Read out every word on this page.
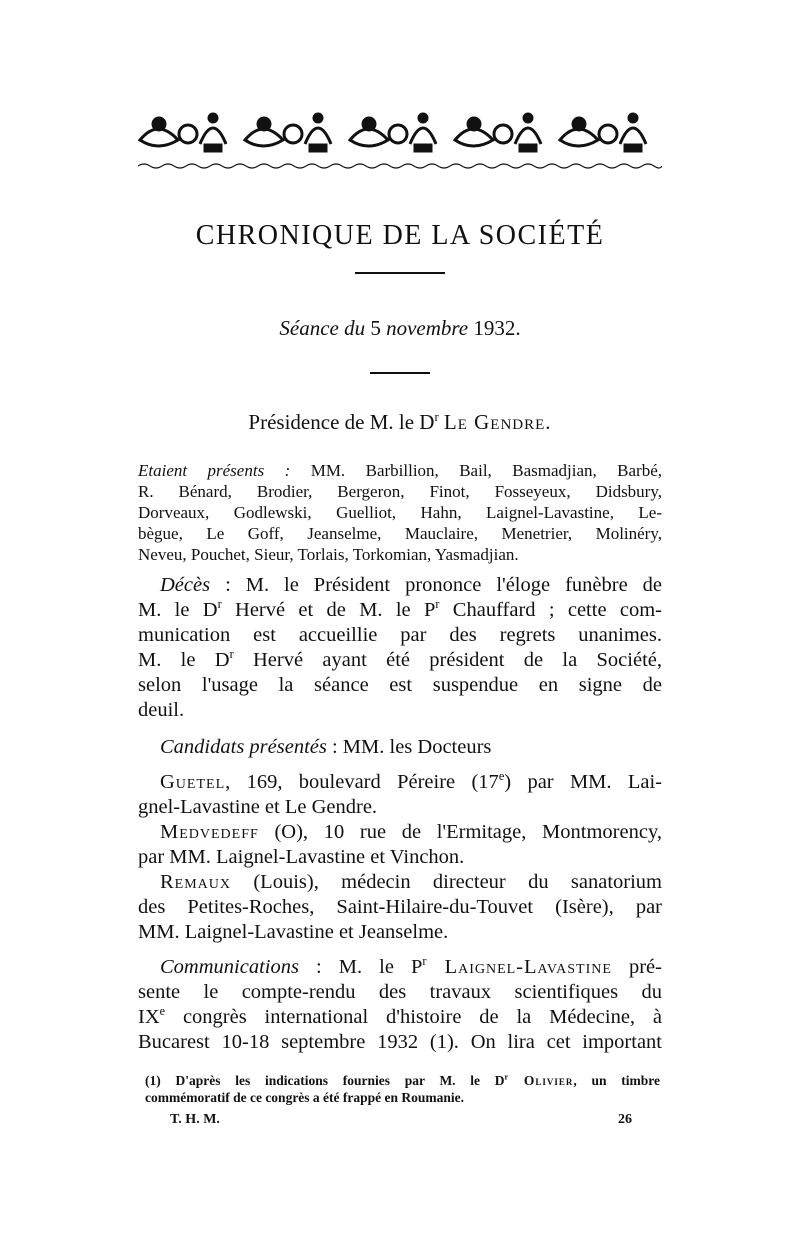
CHRONIQUE DE LA SOCIÉTÉ
Séance du 5 novembre 1932.
Présidence de M. le $D^r$ Le Gendre.
Etaient présents : MM. Barbillion, Bail, Basmadjian, Barbé,
R. Bénard, Brodier, Bergeron, Finot, Fosseyeux, Didsbury,
Dorveaux, Godlewski, Guelliot, Hahn, Laignel-Lavastine, Le-
bègue, Le Goff, Jeanselme, Mauclaire, Menetrier, Molinéry,
Neveu, Pouchet, Sieur, Torlais, Torkomian, Yasmadjian.
Décès : M. le Président prononce l'éloge funèbre de
M. le $D^r$ Hervé et de M. le $P^r$ Chauffard ; cette com-
munication est accueillie par des regrets unanimes.
M. le $D^r$ Hervé ayant été président de la Société,
selon l'usage la séance est suspendue en signe de
deuil.
Candidats présentés : MM. les Docteurs
Guetel, 169, boulevard Péreire (17e) par MM. Lai-
gnel-Lavastine et Le Gendre.
Medvedeff (O), 10 rue de l'Ermitage, Montmorency,
par MM. Laignel-Lavastine et Vinchon.
Remaux (Louis), médecin directeur du sanatorium
des Petites-Roches, Saint-Hilaire-du-Touvet (Isère), par
MM. Laignel-Lavastine et Jeanselme.
Communications : M. le $P^r$ Laignel-Lavastine pré-
sente le compte-rendu des travaux scientifiques du
IXe congrès international d'histoire de la Médecine, à
Bucarest 10-18 septembre 1932 (1). On lira cet important
(1) D'après les indications fournies par M. le $D^r$ Olivier, un timbre
commémoratif de ce congrès a été frappé en Roumanie.
T. H. M.	26
